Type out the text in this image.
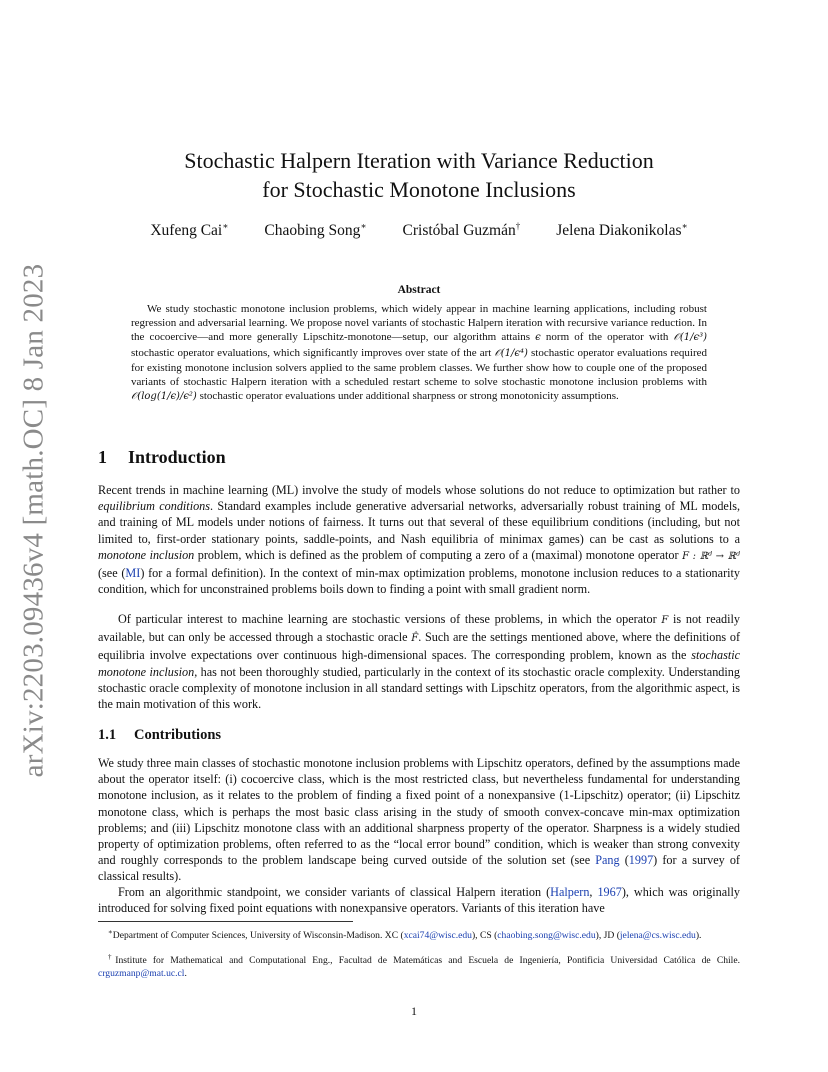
arXiv:2203.09436v4 [math.OC] 8 Jan 2023
Stochastic Halpern Iteration with Variance Reduction
for Stochastic Monotone Inclusions
Xufeng Cai∗ Chaobing Song∗ Cristóbal Guzmán† Jelena Diakonikolas∗
Abstract

We study stochastic monotone inclusion problems, which widely appear in machine learning applications, including robust regression and adversarial learning. We propose novel variants of stochastic Halpern iteration with recursive variance reduction. In the cocoercive—and more generally Lipschitz-monotone—setup, our algorithm attains ϵ norm of the operator with 𝒪(1/ϵ³) stochastic operator evaluations, which significantly improves over state of the art 𝒪(1/ϵ⁴) stochastic operator evaluations required for existing monotone inclusion solvers applied to the same problem classes. We further show how to couple one of the proposed variants of stochastic Halpern iteration with a scheduled restart scheme to solve stochastic monotone inclusion problems with 𝒪(log(1/ϵ)/ϵ²) stochastic operator evaluations under additional sharpness or strong monotonicity assumptions.

1 Introduction

Recent trends in machine learning (ML) involve the study of models whose solutions do not reduce to optimization but rather to equilibrium conditions. Standard examples include generative adversarial networks, adversarially robust training of ML models, and training of ML models under notions of fairness. It turns out that several of these equilibrium conditions (including, but not limited to, first-order stationary points, saddle-points, and Nash equilibria of minimax games) can be cast as solutions to a monotone inclusion problem, which is defined as the problem of computing a zero of a (maximal) monotone operator F : ℝᵈ → ℝᵈ (see (MI) for a formal definition). In the context of min-max optimization problems, monotone inclusion reduces to a stationarity condition, which for unconstrained problems boils down to finding a point with small gradient norm.

Of particular interest to machine learning are stochastic versions of these problems, in which the operator F is not readily available, but can only be accessed through a stochastic oracle F̂. Such are the settings mentioned above, where the definitions of equilibria involve expectations over continuous high-dimensional spaces. The corresponding problem, known as the stochastic monotone inclusion, has not been thoroughly studied, particularly in the context of its stochastic oracle complexity. Understanding stochastic oracle complexity of monotone inclusion in all standard settings with Lipschitz operators, from the algorithmic aspect, is the main motivation of this work.

1.1 Contributions

We study three main classes of stochastic monotone inclusion problems with Lipschitz operators, defined by the assumptions made about the operator itself: (i) cocoercive class, which is the most restricted class, but nevertheless fundamental for understanding monotone inclusion, as it relates to the problem of finding a fixed point of a nonexpansive (1-Lipschitz) operator; (ii) Lipschitz monotone class, which is perhaps the most basic class arising in the study of smooth convex-concave min-max optimization problems; and (iii) Lipschitz monotone class with an additional sharpness property of the operator. Sharpness is a widely studied property of optimization problems, often referred to as the “local error bound” condition, which is weaker than strong convexity and roughly corresponds to the problem landscape being curved outside of the solution set (see Pang (1997) for a survey of classical results).

From an algorithmic standpoint, we consider variants of classical Halpern iteration (Halpern, 1967), which was originally introduced for solving fixed point equations with nonexpansive operators. Variants of this iteration have

∗Department of Computer Sciences, University of Wisconsin-Madison. XC (xcai74@wisc.edu), CS (chaobing.song@wisc.edu), JD (jelena@cs.wisc.edu).

†Institute for Mathematical and Computational Eng., Facultad de Matemáticas and Escuela de Ingeniería, Pontificia Universidad Católica de Chile. crguzmanp@mat.uc.cl.

1
